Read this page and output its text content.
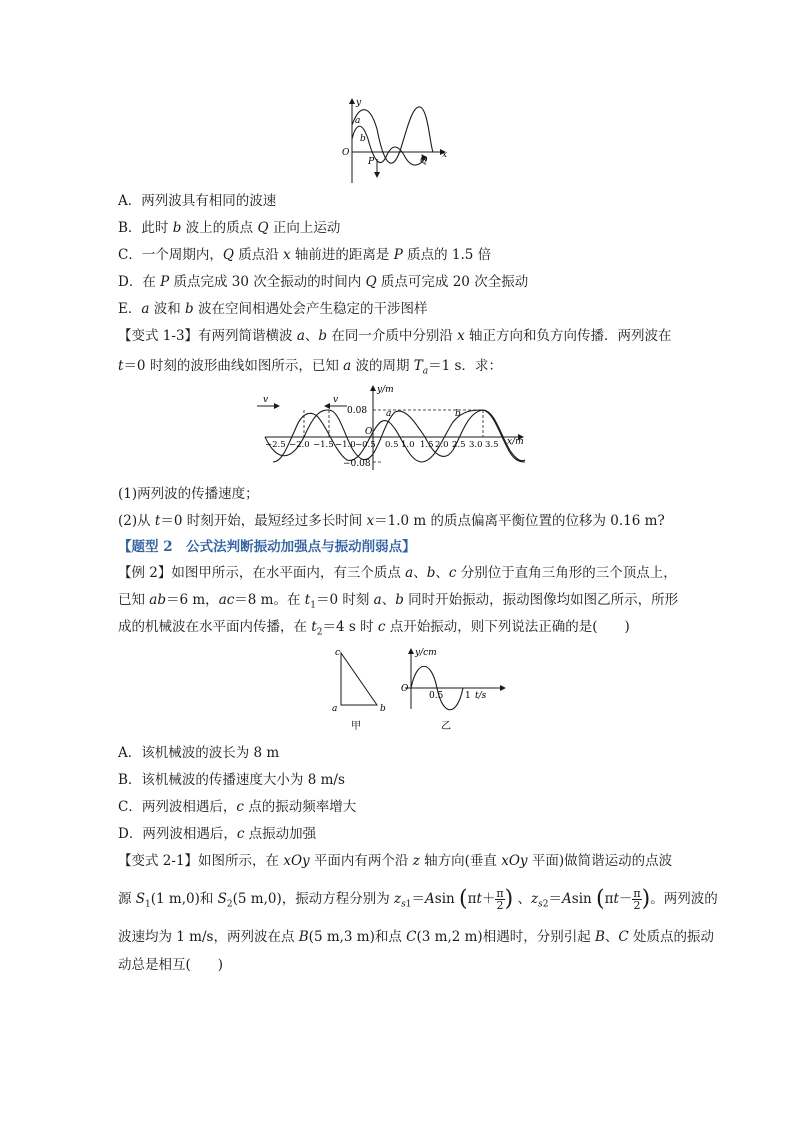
y
x
O
a
b
P	Q
A．两列波具有相同的波速
B．此时 b 波上的质点 Q 正向上运动
C．一个周期内，Q 质点沿 x 轴前进的距离是 P 质点的 1.5 倍
D．在 P 质点完成 30 次全振动的时间内 Q 质点可完成 20 次全振动
E．a 波和 b 波在空间相遇处会产生稳定的干涉图样
【变式 1-3】有两列简谐横波 a、b 在同一介质中分别沿 x 轴正方向和负方向传播．两列波在
t＝0 时刻的波形曲线如图所示，已知 a 波的周期 $T_a=1$ s．求：
v	v
y/m
0.08
−0.08
O
a	b
x/m
−2.5 −2.0 −1.5 −1.0 −0.5 0.5 1.0 1.5 2.0 2.5 3.0 3.5
(1)两列波的传播速度；
(2)从 t＝0 时刻开始，最短经过多长时间 x＝1.0 m 的质点偏离平衡位置的位移为 0.16 m?
【题型 2　公式法判断振动加强点与振动削弱点】
【例 2】如图甲所示，在水平面内，有三个质点 a、b、c 分别位于直角三角形的三个顶点上，
已知 ab＝6 m，ac＝8 m。在 $t_1=0$ 时刻 a、b 同时开始振动，振动图像均如图乙所示，所形
成的机械波在水平面内传播，在 $t_2=4$ s 时 c 点开始振动，则下列说法正确的是(　　)
c
a	b
甲
y/cm
O
0.5 1 t/s
乙
A．该机械波的波长为 8 m
B．该机械波的传播速度大小为 8 m/s
C．两列波相遇后，c 点的振动频率增大
D．两列波相遇后，c 点振动加强
【变式 2-1】如图所示，在 xOy 平面内有两个沿 z 轴方向(垂直 xOy 平面)做简谐运动的点波
源 $S_1(1$ m,0)和 $S_2(5$ m,0)，振动方程分别为 $z_{s1}=Asin$ ($\pi t+ \frac{\pi}{2}$ ) 、$z_{s2}=Asin$ ($\pi t- \frac{\pi}{2}$ )。两列波的
波速均为 1 m/s，两列波在点 B(5 m,3 m)和点 C(3 m,2 m)相遇时，分别引起 B、C 处质点的振动
动总是相互(　　)
